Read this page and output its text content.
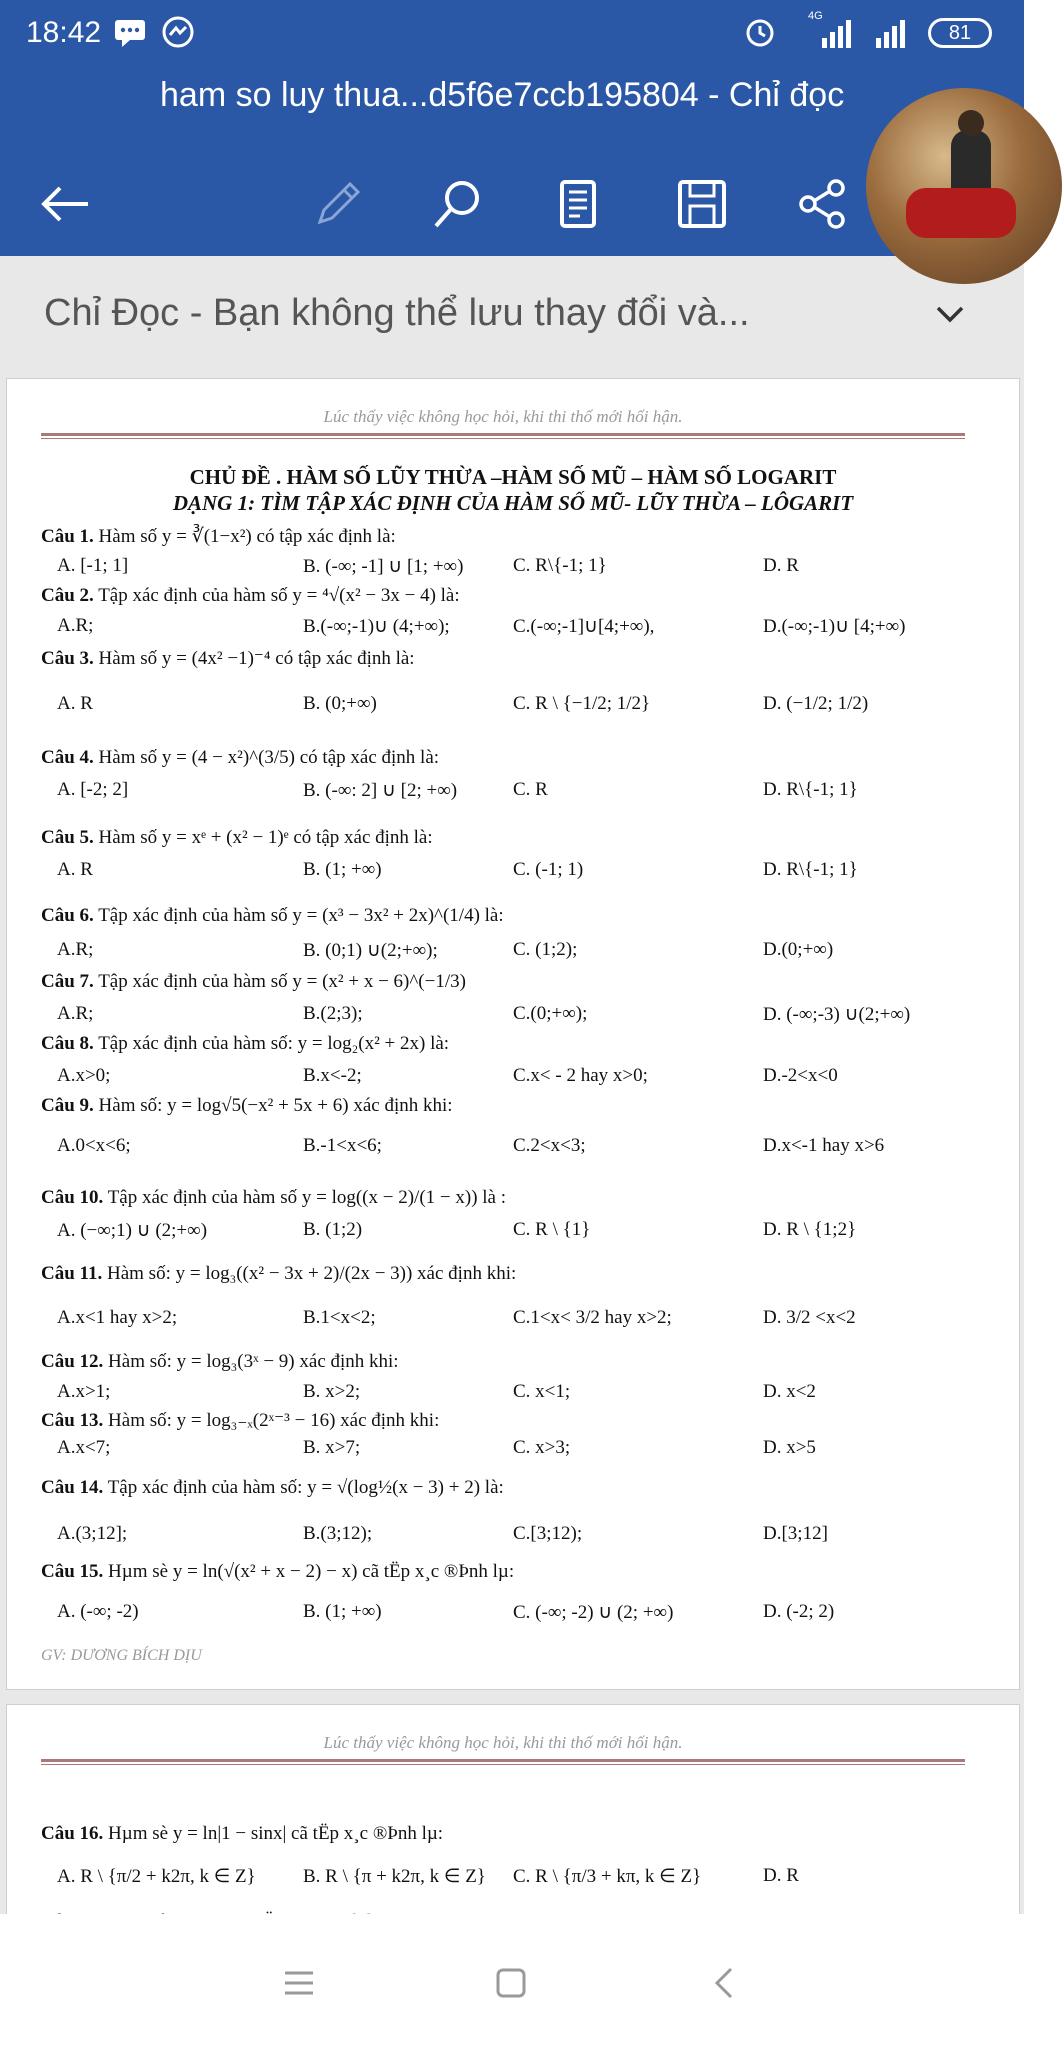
18:42	4G
81
ham so luy thua...d5f6e7ccb195804 - Chỉ đọc
Chỉ Đọc - Bạn không thể lưu thay đổi và...
Lúc thấy việc không học hỏi, khi thi thố mới hối hận.
CHỦ ĐỀ . HÀM SỐ LŨY THỪA –HÀM SỐ MŨ – HÀM SỐ LOGARIT
DẠNG 1: TÌM TẬP XÁC ĐỊNH CỦA HÀM SỐ MŨ- LŨY THỪA – LÔGARIT
Câu 1. Hàm số y = ∛(1−x²) có tập xác định là:
A. [-1; 1]	B. (-∞; -1] ∪ [1; +∞)	C. R\{-1; 1}	D. R
Câu 2. Tập xác định của hàm số y = ⁴√(x² − 3x − 4) là:
A.R;	B.(-∞;-1)∪ (4;+∞);	C.(-∞;-1]∪[4;+∞),	D.(-∞;-1)∪ [4;+∞)
Câu 3. Hàm số y = (4x² −1)⁻⁴ có tập xác định là:
A. R	B. (0;+∞)	C. R \ {−1/2; 1/2}	D. (−1/2; 1/2)
Câu 4. Hàm số y = (4 − x²)^(3/5) có tập xác định là:
A. [-2; 2]	B. (-∞: 2] ∪ [2; +∞)	C. R	D. R\{-1; 1}
Câu 5. Hàm số y = xᵉ + (x² − 1)ᵉ có tập xác định là:
A. R	B. (1; +∞)	C. (-1; 1)	D. R\{-1; 1}
Câu 6. Tập xác định của hàm số y = (x³ − 3x² + 2x)^(1/4) là:
A.R;	B. (0;1) ∪(2;+∞);	C. (1;2);	D.(0;+∞)
Câu 7. Tập xác định của hàm số y = (x² + x − 6)^(−1/3)
A.R;	B.(2;3);	C.(0;+∞);	D. (-∞;-3) ∪(2;+∞)
Câu 8. Tập xác định của hàm số: y = log₂(x² + 2x) là:
A.x>0;	B.x<-2;	C.x< - 2 hay x>0;	D.-2<x<0
Câu 9. Hàm số: y = log√5(−x² + 5x + 6) xác định khi:
A.0<x<6;	B.-1<x<6;	C.2<x<3;	D.x<-1 hay x>6
Câu 10. Tập xác định của hàm số y = log((x − 2)/(1 − x)) là :
A. (−∞;1) ∪ (2;+∞)	B. (1;2)	C. R \ {1}	D. R \ {1;2}
Câu 11. Hàm số: y = log₃((x² − 3x + 2)/(2x − 3)) xác định khi:
A.x<1 hay x>2;	B.1<x<2;	C.1<x< 3/2 hay x>2;	D. 3/2 <x<2
Câu 12. Hàm số: y = log₃(3ˣ − 9) xác định khi:
A.x>1;	B. x>2;	C. x<1;	D. x<2
Câu 13. Hàm số: y = log₃₋ₓ(2ˣ⁻³ − 16) xác định khi:
A.x<7;	B. x>7;	C. x>3;	D. x>5
Câu 14. Tập xác định của hàm số: y = √(log½(x − 3) + 2) là:
A.(3;12];	B.(3;12);	C.[3;12);	D.[3;12]
Câu 15. Hµm sè y = ln(√(x² + x − 2) − x) cã tËp x¸c ®Þnh lµ:
A. (-∞; -2)	B. (1; +∞)	C. (-∞; -2) ∪ (2; +∞)	D. (-2; 2)
GV: DƯƠNG BÍCH DỊU
Lúc thấy việc không học hỏi, khi thi thố mới hối hận.
Câu 16. Hµm sè y = ln|1 − sinx| cã tËp x¸c ®Þnh lµ:
A. R \ {π/2 + k2π, k ∈ Z} B. R \ {π + k2π, k ∈ Z} C. R \ {π/3 + kπ, k ∈ Z}	D. R
